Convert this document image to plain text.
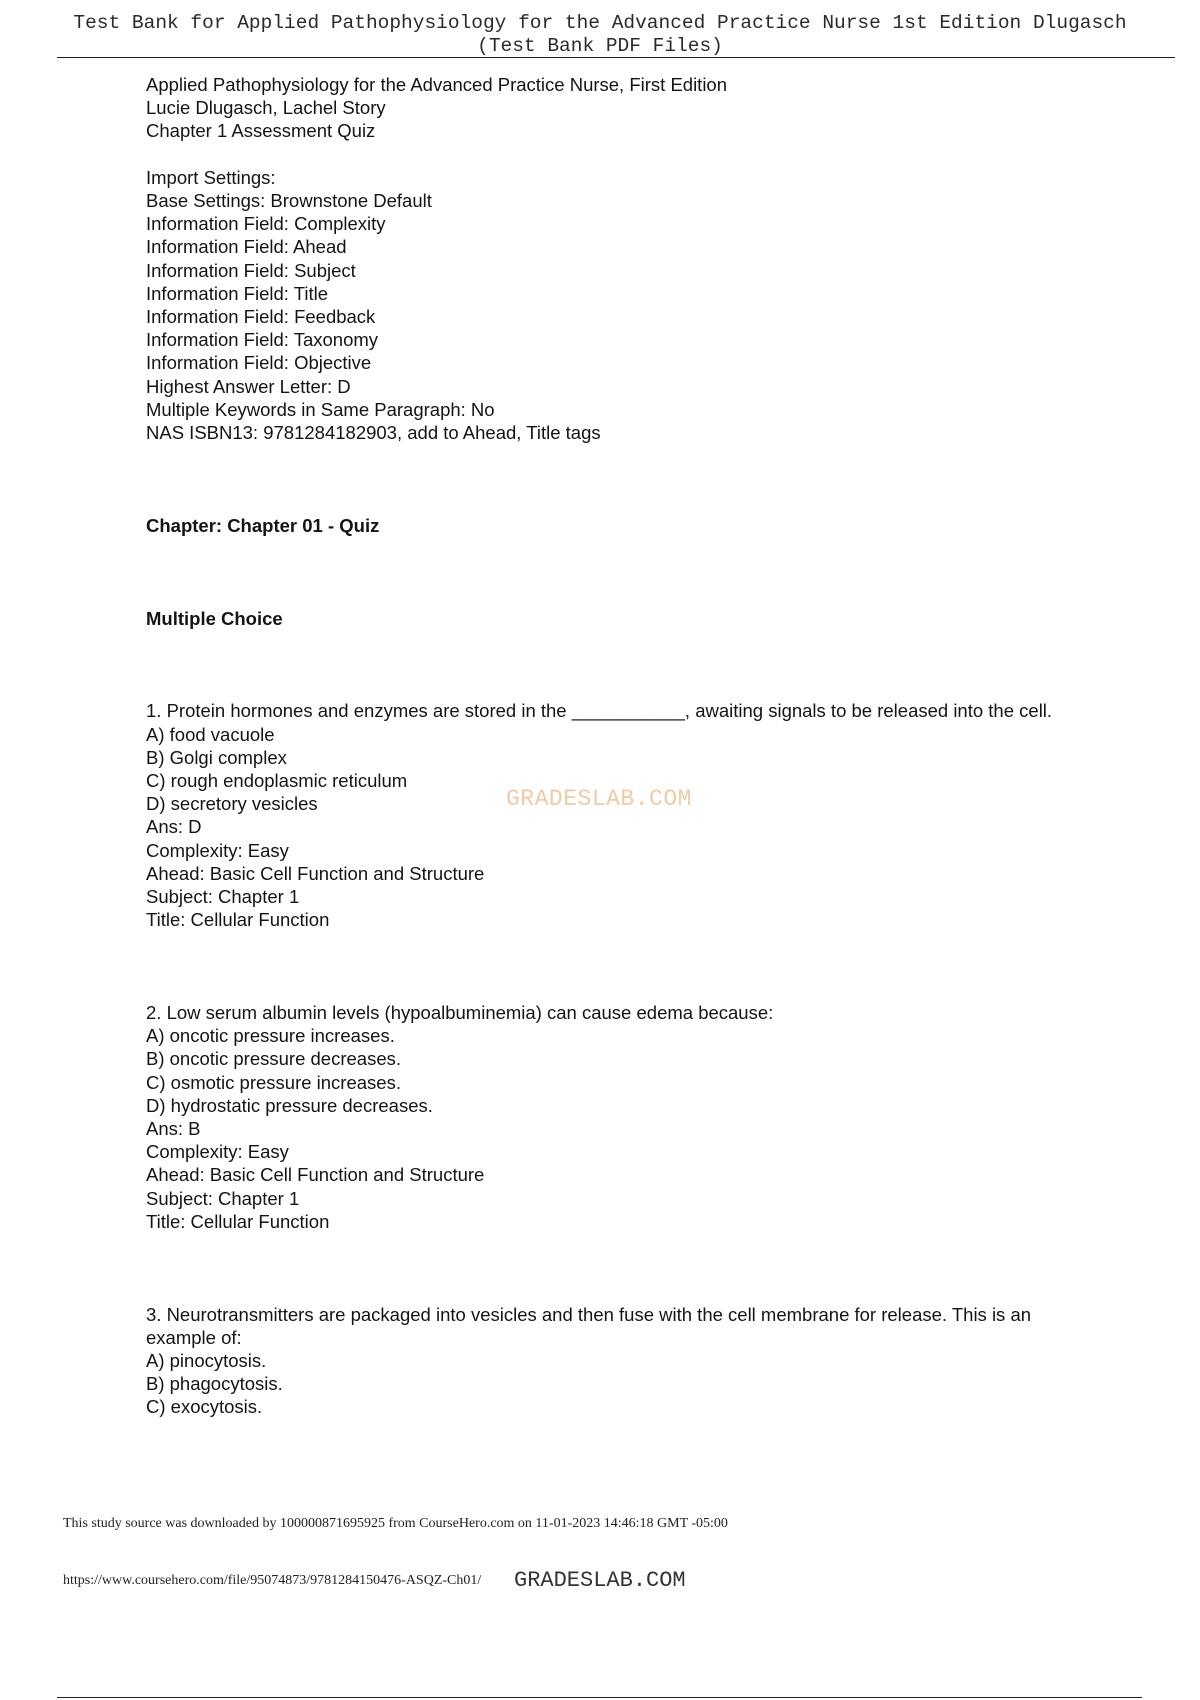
Test Bank for Applied Pathophysiology for the Advanced Practice Nurse 1st Edition Dlugasch
(Test Bank PDF Files)
Applied Pathophysiology for the Advanced Practice Nurse, First Edition
Lucie Dlugasch, Lachel Story
Chapter 1 Assessment Quiz
Import Settings:
Base Settings: Brownstone Default
Information Field: Complexity
Information Field: Ahead
Information Field: Subject
Information Field: Title
Information Field: Feedback
Information Field: Taxonomy
Information Field: Objective
Highest Answer Letter: D
Multiple Keywords in Same Paragraph: No
NAS ISBN13: 9781284182903, add to Ahead, Title tags
Chapter: Chapter 01 - Quiz
Multiple Choice
1. Protein hormones and enzymes are stored in the ___________, awaiting signals to be released into the cell.
A) food vacuole
B) Golgi complex
C) rough endoplasmic reticulum
D) secretory vesicles
Ans: D
Complexity: Easy
Ahead: Basic Cell Function and Structure
Subject: Chapter 1
Title: Cellular Function
2. Low serum albumin levels (hypoalbuminemia) can cause edema because:
A) oncotic pressure increases.
B) oncotic pressure decreases.
C) osmotic pressure increases.
D) hydrostatic pressure decreases.
Ans: B
Complexity: Easy
Ahead: Basic Cell Function and Structure
Subject: Chapter 1
Title: Cellular Function
3. Neurotransmitters are packaged into vesicles and then fuse with the cell membrane for release. This is an example of:
A) pinocytosis.
B) phagocytosis.
C) exocytosis.
GRADESLAB.COM
This study source was downloaded by 100000871695925 from CourseHero.com on 11-01-2023 14:46:18 GMT -05:00
https://www.coursehero.com/file/95074873/9781284150476-ASQZ-Ch01/ GRADESLAB.COM
